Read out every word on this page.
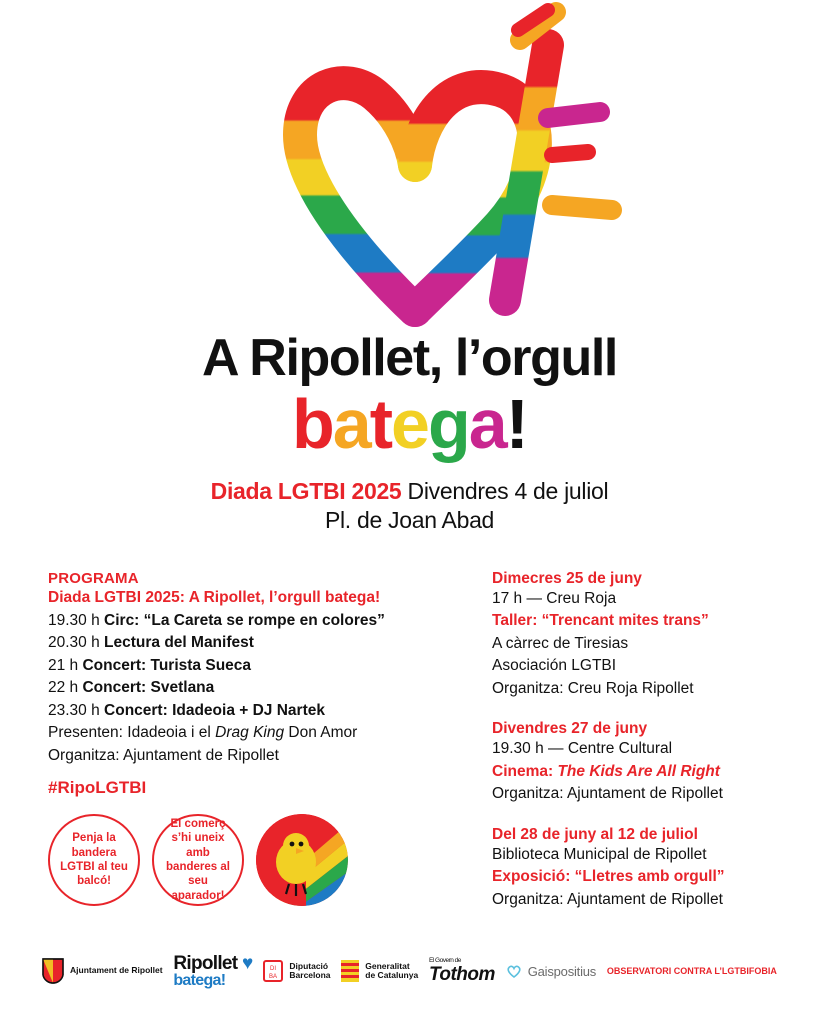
A Ripollet, l’orgull
batega!
Diada LGTBI 2025 Divendres 4 de juliol
Pl. de Joan Abad
PROGRAMA
Diada LGTBI 2025: A Ripollet, l’orgull batega!
19.30 h Circ: “La Careta se rompe en colores”
20.30 h Lectura del Manifest
21 h Concert: Turista Sueca
22 h Concert: Svetlana
23.30 h Concert: Idadeoia + DJ Nartek
Presenten: Idadeoia i el Drag King Don Amor
Organitza: Ajuntament de Ripollet
Dimecres 25 de juny
17 h — Creu Roja
Taller: “Trencant mites trans”
A càrrec de Tiresias
Asociación LGTBI
Organitza: Creu Roja Ripollet
Divendres 27 de juny
19.30 h — Centre Cultural
Cinema: The Kids Are All Right
Organitza: Ajuntament de Ripollet
Del 28 de juny al 12 de juliol
Biblioteca Municipal de Ripollet
Exposició: “Lletres amb orgull”
Organitza: Ajuntament de Ripollet
#RipoLGTBI
Penja la bandera LGTBI al teu balcó!
El comerç s’hi uneix amb banderes al seu aparador!
Ajuntament de Ripollet Ripollet ♥
batega!
DI
BA
Diputació
Barcelona
Generalitat
de Catalunya
El Govern de
Tothom	Gaispositius OBSERVATORI CONTRA L’LGTBIFOBIA
